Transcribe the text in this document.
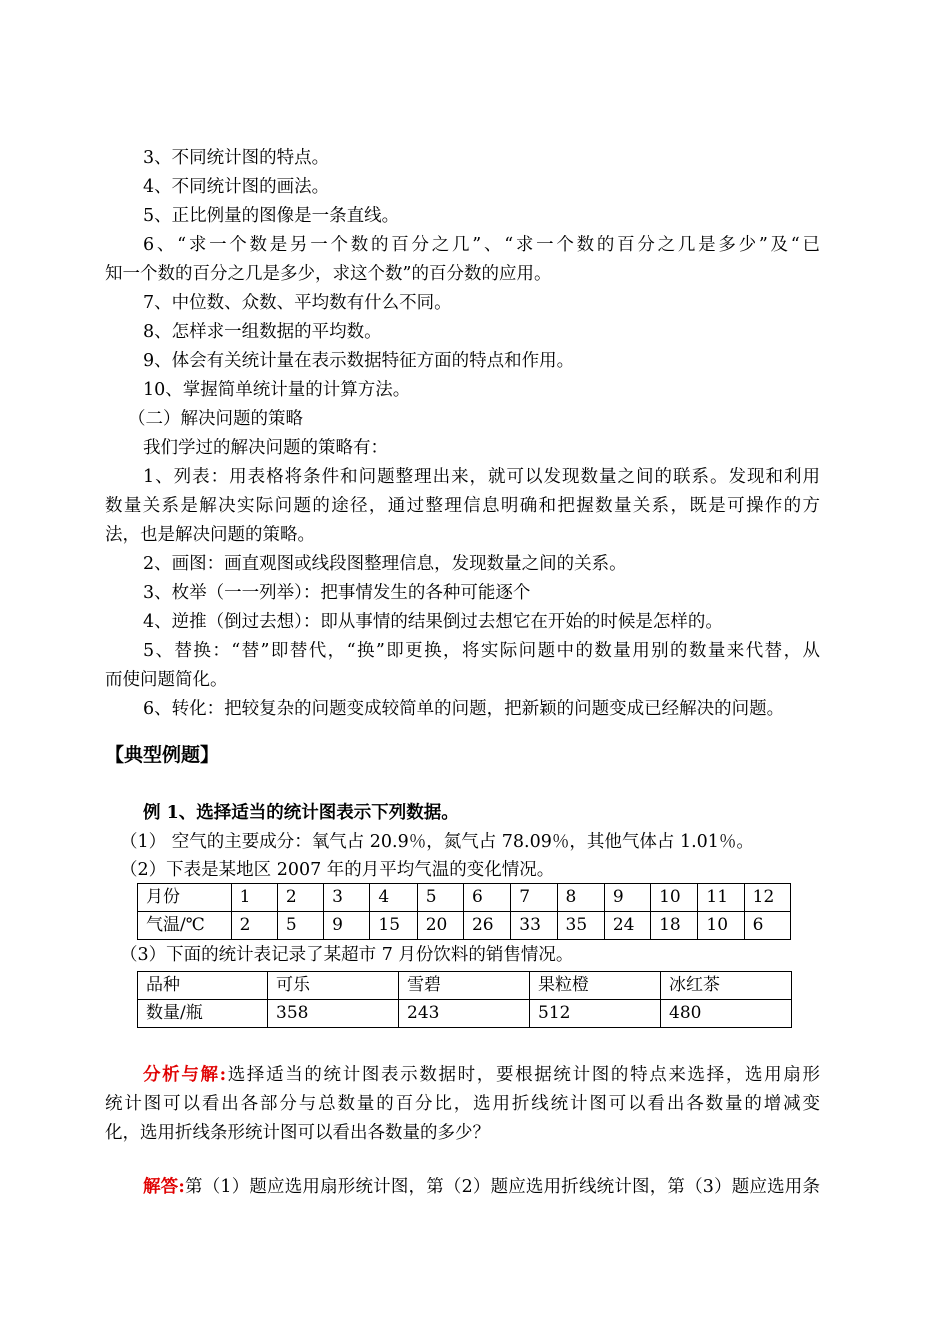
3、不同统计图的特点。
4、不同统计图的画法。
5、正比例量的图像是一条直线。
6、“求一个数是另一个数的百分之几”、“求一个数的百分之几是多少”及“已
知一个数的百分之几是多少，求这个数”的百分数的应用。
7、中位数、众数、平均数有什么不同。
8、怎样求一组数据的平均数。
9、体会有关统计量在表示数据特征方面的特点和作用。
10、掌握简单统计量的计算方法。
（二）解决问题的策略
我们学过的解决问题的策略有：
1、列表：用表格将条件和问题整理出来，就可以发现数量之间的联系。发现和利用
数量关系是解决实际问题的途径，通过整理信息明确和把握数量关系，既是可操作的方
法，也是解决问题的策略。
2、画图：画直观图或线段图整理信息，发现数量之间的关系。
3、枚举（一一列举）：把事情发生的各种可能逐个
4、逆推（倒过去想）：即从事情的结果倒过去想它在开始的时候是怎样的。
5、替换：“替”即替代，“换”即更换，将实际问题中的数量用别的数量来代替，从
而使问题简化。
6、转化：把较复杂的问题变成较简单的问题，把新颖的问题变成已经解决的问题。
【典型例题】
例 1、选择适当的统计图表示下列数据。
（1） 空气的主要成分：氧气占 20.9％，氮气占 78.09％，其他气体占 1.01％。
（2）下表是某地区 2007 年的月平均气温的变化情况。
月份	1	2	3	4	5	6	7	8	9	10	11	12
气温/℃	2	5	9	15	20	26	33	35	24	18	10	6
（3）下面的统计表记录了某超市 7 月份饮料的销售情况。
品种	可乐	雪碧	果粒橙	冰红茶
数量/瓶	358	243	512	480
分析与解:选择适当的统计图表示数据时，要根据统计图的特点来选择，选用扇形
统计图可以看出各部分与总数量的百分比，选用折线统计图可以看出各数量的增减变
化，选用折线条形统计图可以看出各数量的多少？
解答:第（1）题应选用扇形统计图，第（2）题应选用折线统计图，第（3）题应选用条
